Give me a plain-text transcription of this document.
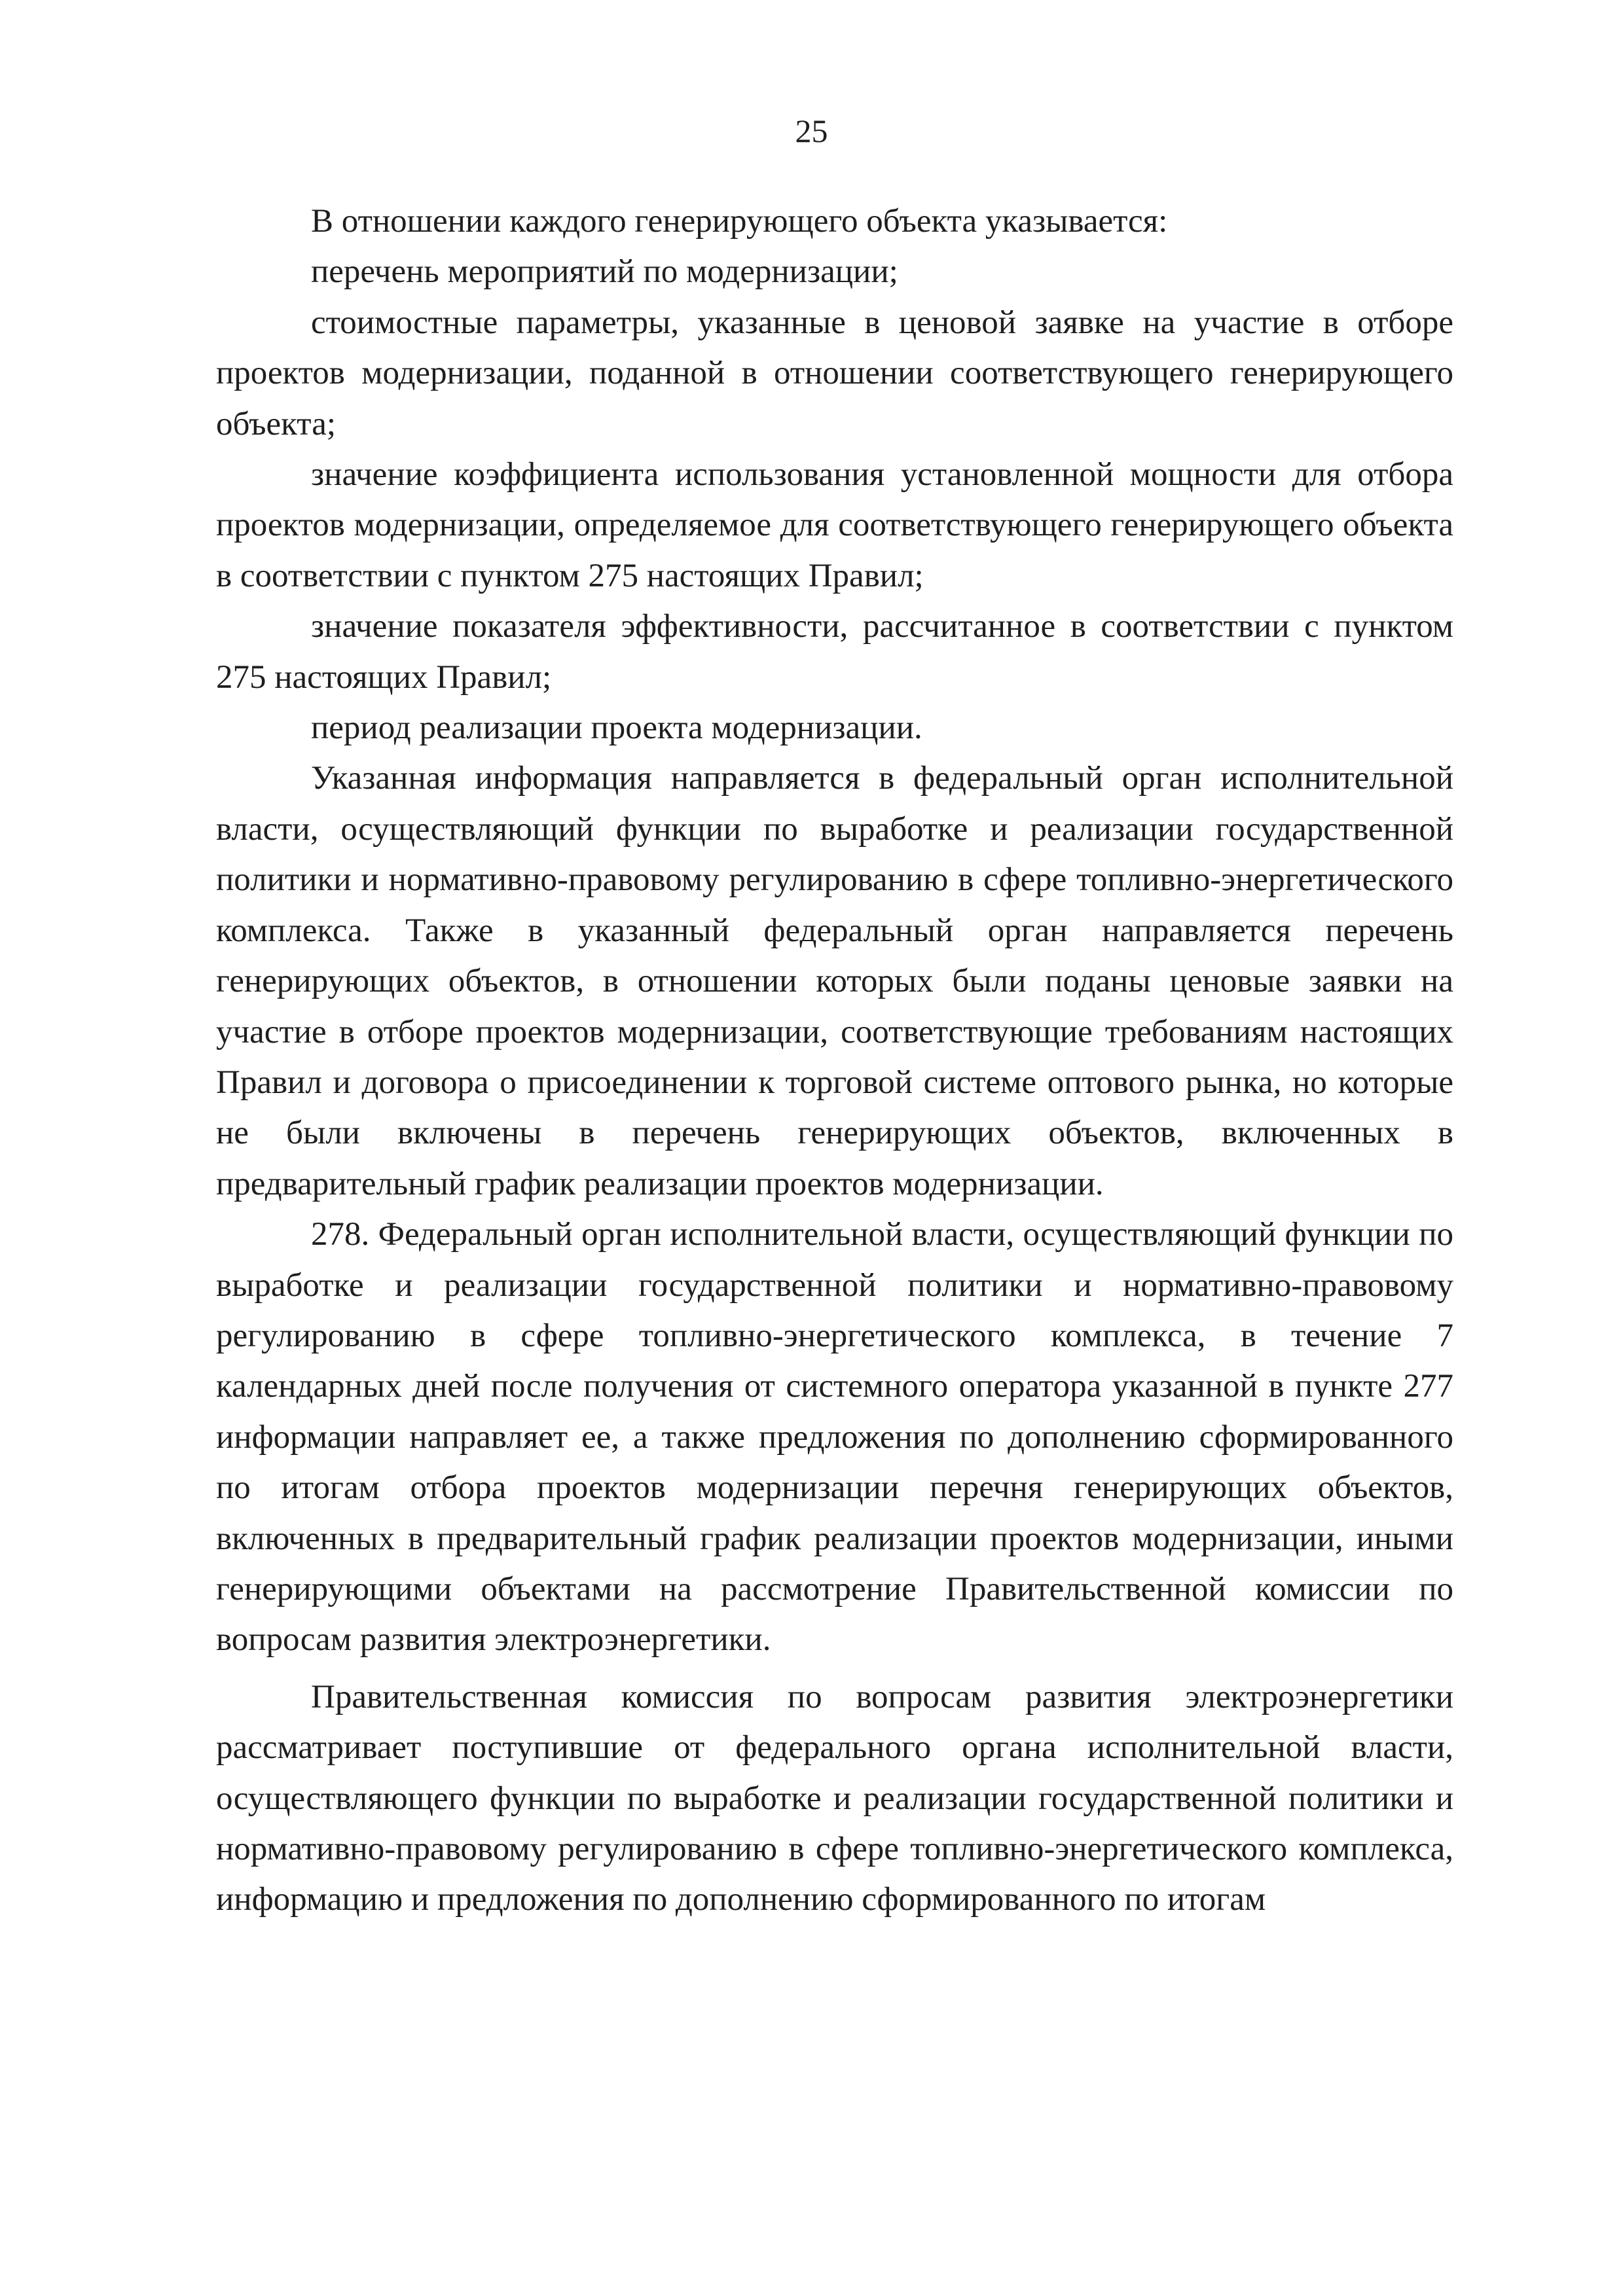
25

В отношении каждого генерирующего объекта указывается:

перечень мероприятий по модернизации;

стоимостные параметры, указанные в ценовой заявке на участие в отборе проектов модернизации, поданной в отношении соответствующего генерирующего объекта;

значение коэффициента использования установленной мощности для отбора проектов модернизации, определяемое для соответствующего генерирующего объекта в соответствии с пунктом 275 настоящих Правил;

значение показателя эффективности, рассчитанное в соответствии с пунктом 275 настоящих Правил;

период реализации проекта модернизации.

Указанная информация направляется в федеральный орган исполнительной власти, осуществляющий функции по выработке и реализации государственной политики и нормативно-правовому регулированию в сфере топливно-энергетического комплекса. Также в указанный федеральный орган направляется перечень генерирующих объектов, в отношении которых были поданы ценовые заявки на участие в отборе проектов модернизации, соответствующие требованиям настоящих Правил и договора о присоединении к торговой системе оптового рынка, но которые не были включены в перечень генерирующих объектов, включенных в предварительный график реализации проектов модернизации.

278. Федеральный орган исполнительной власти, осуществляющий функции по выработке и реализации государственной политики и нормативно-правовому регулированию в сфере топливно-энергетического комплекса, в течение 7 календарных дней после получения от системного оператора указанной в пункте 277 информации направляет ее, а также предложения по дополнению сформированного по итогам отбора проектов модернизации перечня генерирующих объектов, включенных в предварительный график реализации проектов модернизации, иными генерирующими объектами на рассмотрение Правительственной комиссии по вопросам развития электроэнергетики.

Правительственная комиссия по вопросам развития электроэнергетики рассматривает поступившие от федерального органа исполнительной власти, осуществляющего функции по выработке и реализации государственной политики и нормативно-правовому регулированию в сфере топливно-энергетического комплекса, информацию и предложения по дополнению сформированного по итогам
